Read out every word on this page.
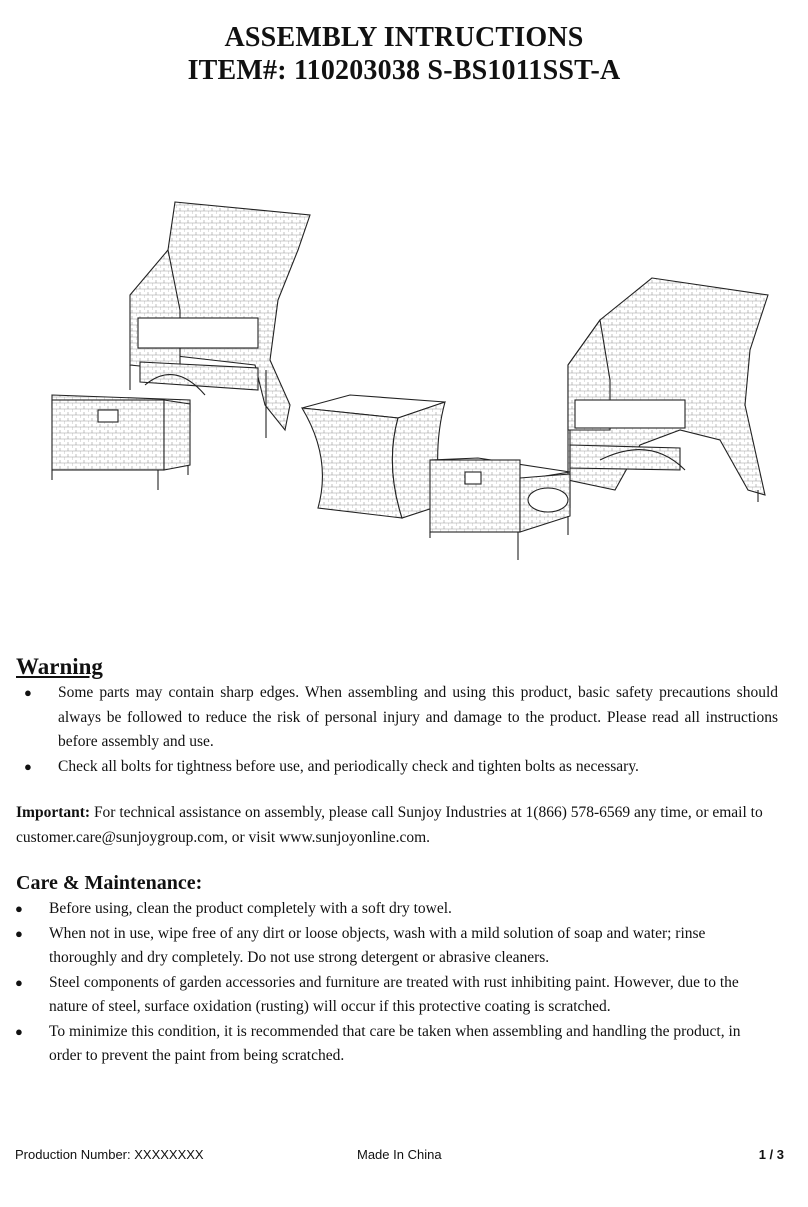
ASSEMBLY INTRUCTIONS
ITEM#: 110203038 S-BS1011SST-A
Warning
● Some parts may contain sharp edges. When assembling and using this product, basic safety precautions should always be followed to reduce the risk of personal injury and damage to the product. Please read all instructions before assembly and use.
● Check all bolts for tightness before use, and periodically check and tighten bolts as necessary.
Important: For technical assistance on assembly, please call Sunjoy Industries at 1(866) 578-6569 any time, or email to customer.care@sunjoygroup.com, or visit www.sunjoyonline.com.
Care & Maintenance:
● Before using, clean the product completely with a soft dry towel.
● When not in use, wipe free of any dirt or loose objects, wash with a mild solution of soap and water; rinse thoroughly and dry completely. Do not use strong detergent or abrasive cleaners.
● Steel components of garden accessories and furniture are treated with rust inhibiting paint. However, due to the nature of steel, surface oxidation (rusting) will occur if this protective coating is scratched.
● To minimize this condition, it is recommended that care be taken when assembling and handling the product, in order to prevent the paint from being scratched.
Production Number: XXXXXXXX	Made In China	1 / 3
